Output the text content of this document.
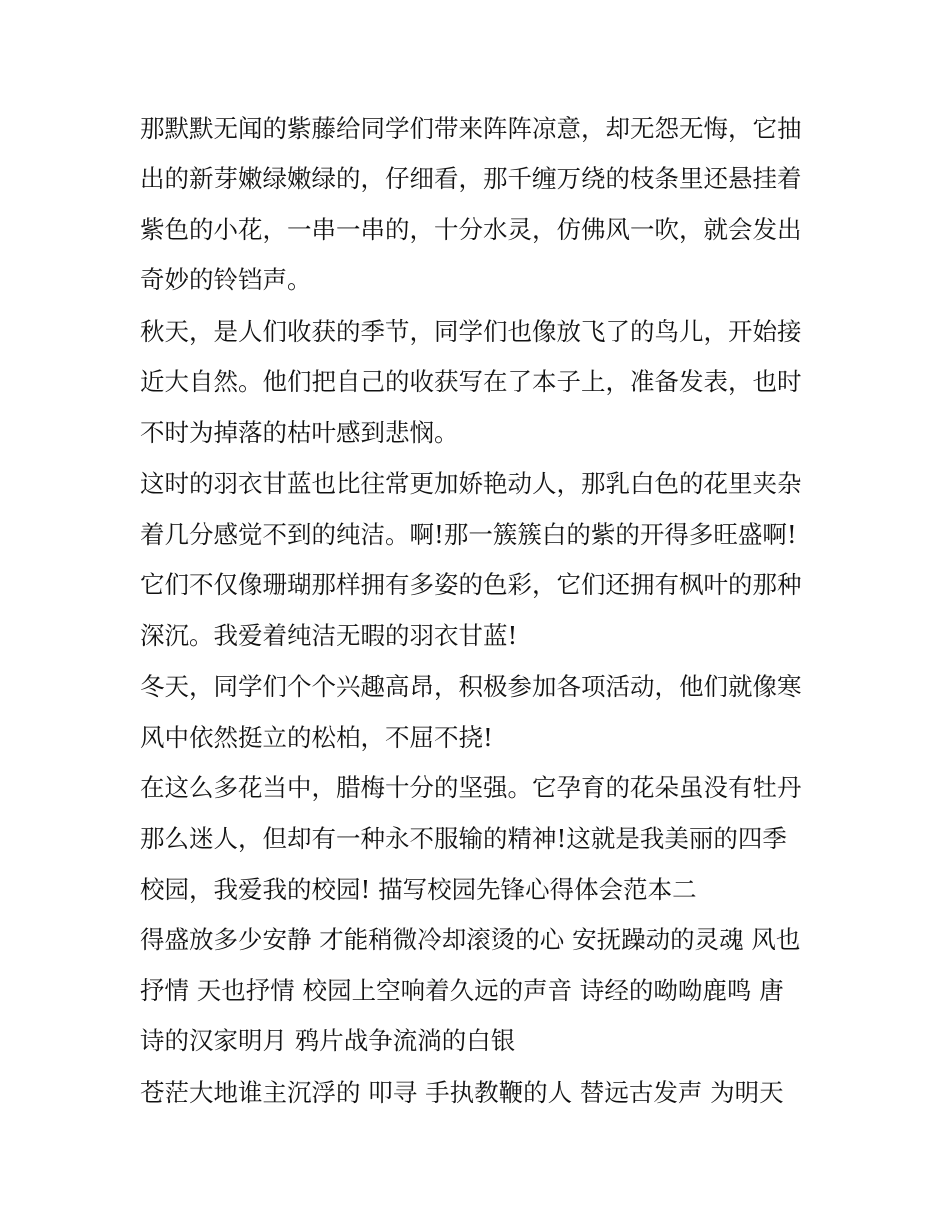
那默默无闻的紫藤给同学们带来阵阵凉意，却无怨无悔，它抽
出的新芽嫩绿嫩绿的，仔细看，那千缠万绕的枝条里还悬挂着
紫色的小花，一串一串的，十分水灵，仿佛风一吹，就会发出
奇妙的铃铛声。
秋天，是人们收获的季节，同学们也像放飞了的鸟儿，开始接
近大自然。他们把自己的收获写在了本子上，准备发表，也时
不时为掉落的枯叶感到悲悯。
这时的羽衣甘蓝也比往常更加娇艳动人，那乳白色的花里夹杂
着几分感觉不到的纯洁。啊!那一簇簇白的紫的开得多旺盛啊!
它们不仅像珊瑚那样拥有多姿的色彩，它们还拥有枫叶的那种
深沉。我爱着纯洁无暇的羽衣甘蓝!
冬天，同学们个个兴趣高昂，积极参加各项活动，他们就像寒
风中依然挺立的松柏，不屈不挠!
在这么多花当中，腊梅十分的坚强。它孕育的花朵虽没有牡丹
那么迷人，但却有一种永不服输的精神!这就是我美丽的四季
校园，我爱我的校园! 描写校园先锋心得体会范本二
得盛放多少安静 才能稍微冷却滚烫的心 安抚躁动的灵魂 风也
抒情 天也抒情 校园上空响着久远的声音 诗经的呦呦鹿鸣 唐
诗的汉家明月 鸦片战争流淌的白银
苍茫大地谁主沉浮的 叩寻 手执教鞭的人 替远古发声 为明天
